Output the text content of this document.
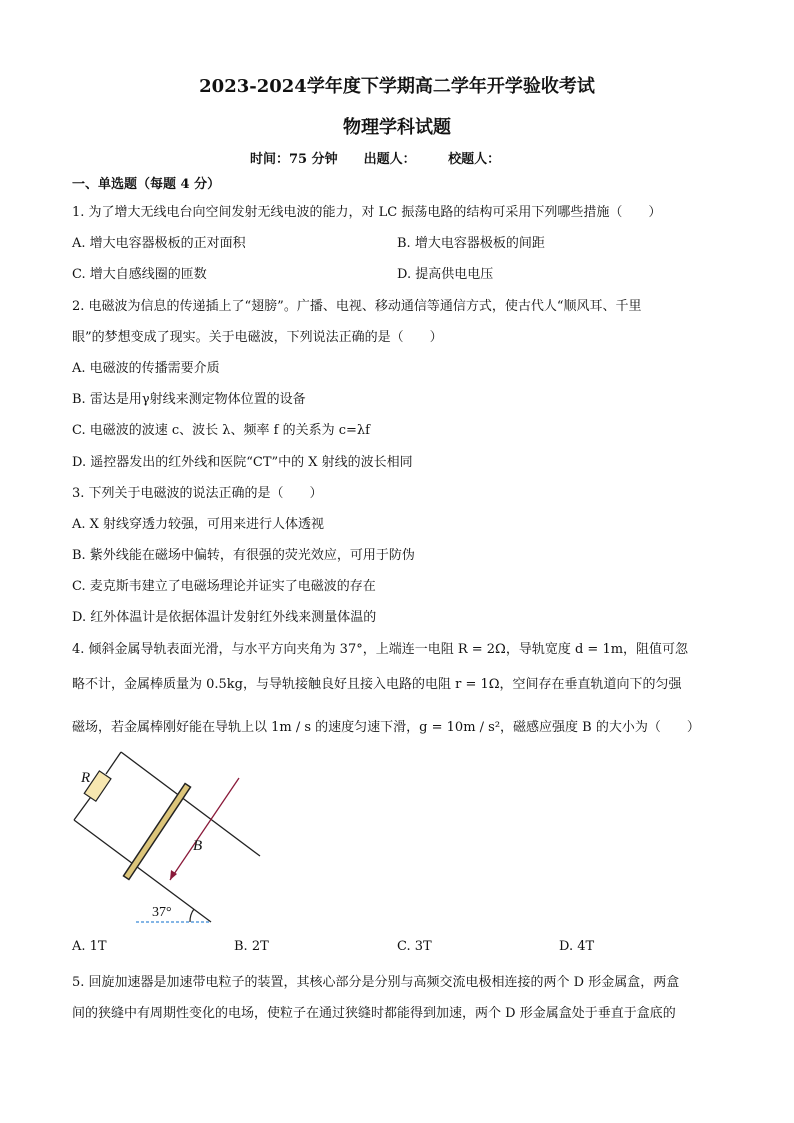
2023-2024学年度下学期高二学年开学验收考试
物理学科试题
时间：75 分钟　　出题人：　　　校题人：
一、单选题（每题 4 分）
1. 为了增大无线电台向空间发射无线电波的能力，对 LC 振荡电路的结构可采用下列哪些措施（　　）
A. 增大电容器极板的正对面积	B. 增大电容器极板的间距
C. 增大自感线圈的匝数	D. 提高供电电压
2. 电磁波为信息的传递插上了“翅膀”。广播、电视、移动通信等通信方式，使古代人“顺风耳、千里
眼”的梦想变成了现实。关于电磁波，下列说法正确的是（　　）
A. 电磁波的传播需要介质
B. 雷达是用γ射线来测定物体位置的设备
C. 电磁波的波速 c、波长 λ、频率 f 的关系为 c=λf
D. 遥控器发出的红外线和医院“CT”中的 X 射线的波长相同
3. 下列关于电磁波的说法正确的是（　　）
A. X 射线穿透力较强，可用来进行人体透视
B. 紫外线能在磁场中偏转，有很强的荧光效应，可用于防伪
C. 麦克斯韦建立了电磁场理论并证实了电磁波的存在
D. 红外体温计是依据体温计发射红外线来测量体温的
4. 倾斜金属导轨表面光滑，与水平方向夹角为 37°，上端连一电阻 R = 2Ω，导轨宽度 d = 1m，阻值可忽
略不计，金属棒质量为 0.5kg，与导轨接触良好且接入电路的电阻 r = 1Ω，空间存在垂直轨道向下的匀强
磁场，若金属棒刚好能在导轨上以 1m / s 的速度匀速下滑，g = 10m / s²，磁感应强度 B 的大小为（　　）
R
B
37°
A. 1T	B. 2T	C. 3T	D. 4T
5. 回旋加速器是加速带电粒子的装置，其核心部分是分别与高频交流电极相连接的两个 D 形金属盒，两盒
间的狭缝中有周期性变化的电场，使粒子在通过狭缝时都能得到加速，两个 D 形金属盒处于垂直于盒底的
